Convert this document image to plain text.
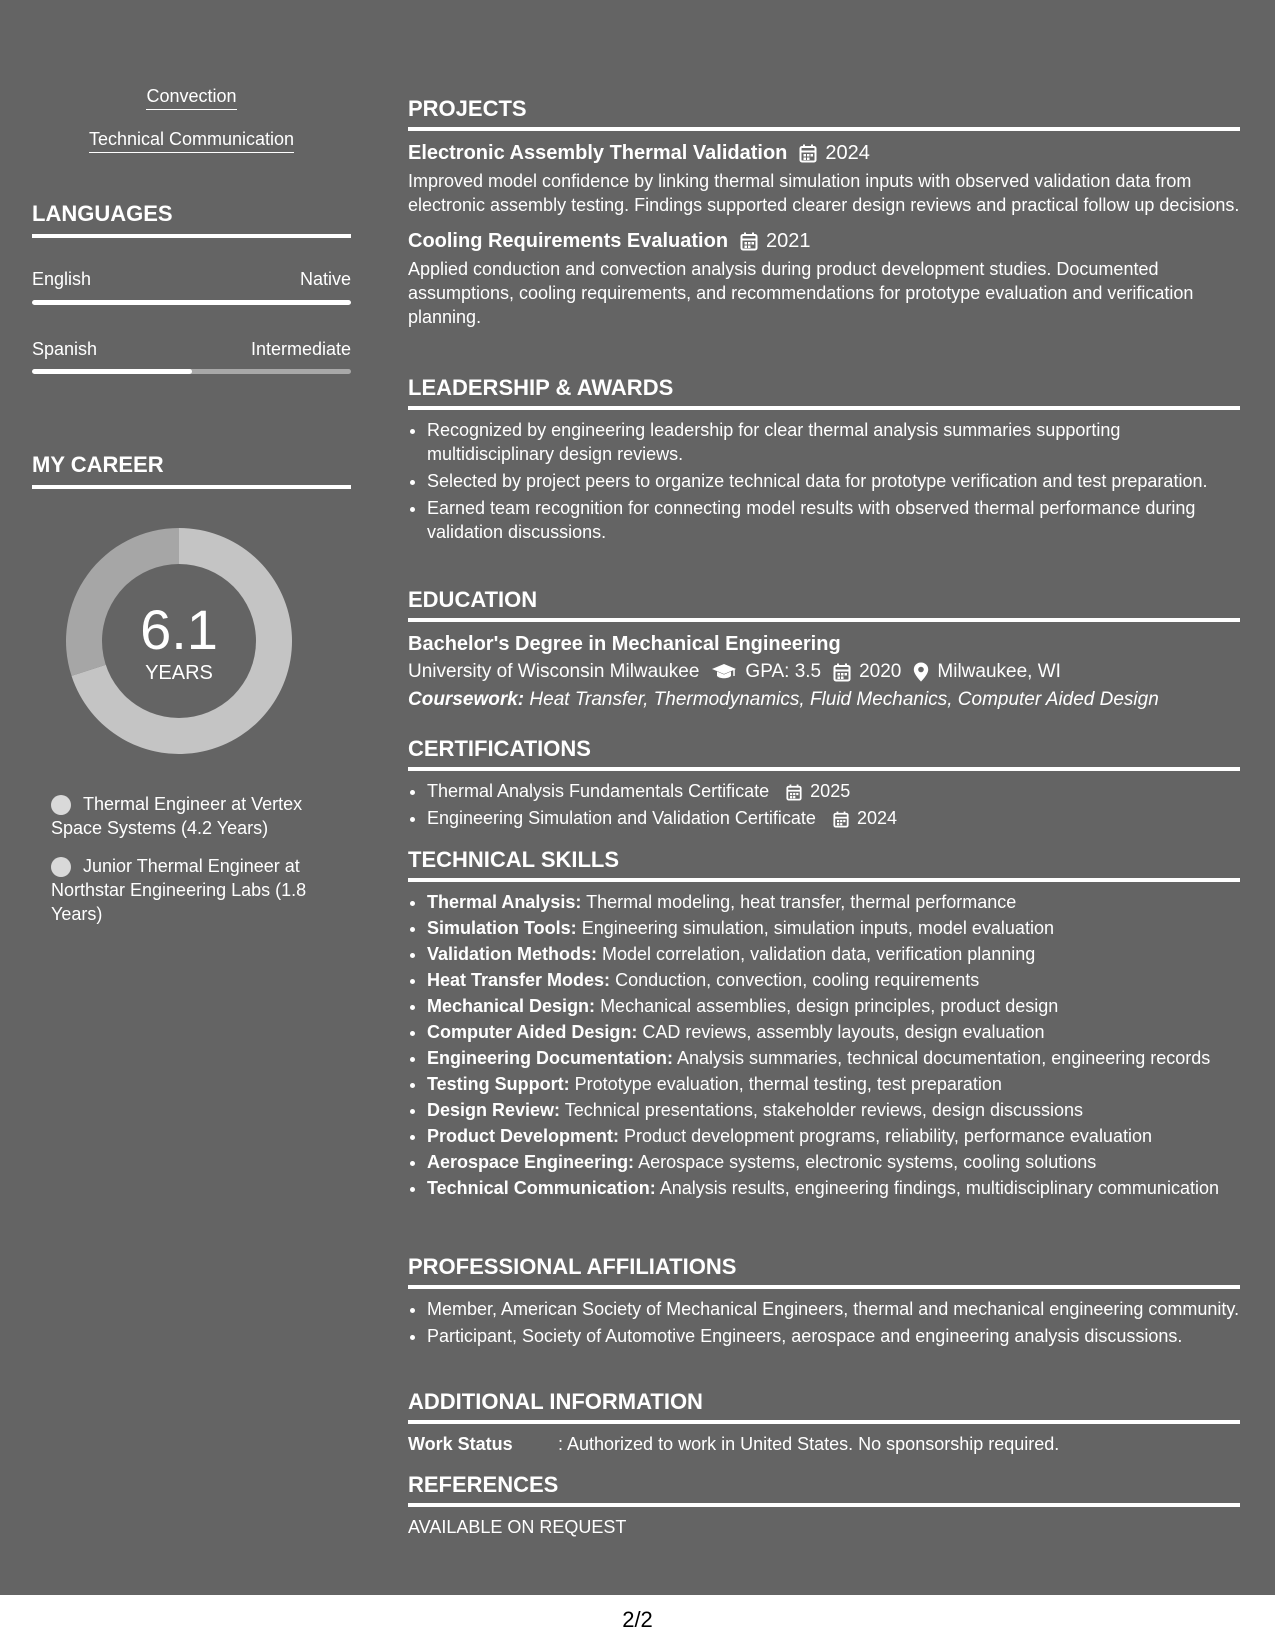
Convection
Technical Communication
LANGUAGES
English	Native
Spanish	Intermediate
MY CAREER
6.1
YEARS
Thermal Engineer at Vertex Space Systems (4.2 Years)
Junior Thermal Engineer at Northstar Engineering Labs (1.8 Years)
PROJECTS
Electronic Assembly Thermal Validation 2024
Improved model confidence by linking thermal simulation inputs with observed validation data from electronic assembly testing. Findings supported clearer design reviews and practical follow up decisions.
Cooling Requirements Evaluation 2021
Applied conduction and convection analysis during product development studies. Documented assumptions, cooling requirements, and recommendations for prototype evaluation and verification planning.
LEADERSHIP & AWARDS
• Recognized by engineering leadership for clear thermal analysis summaries supporting multidisciplinary design reviews.
• Selected by project peers to organize technical data for prototype verification and test preparation.
• Earned team recognition for connecting model results with observed thermal performance during validation discussions.
EDUCATION
Bachelor's Degree in Mechanical Engineering
University of Wisconsin Milwaukee GPA: 3.5 2020 Milwaukee, WI
Coursework: Heat Transfer, Thermodynamics, Fluid Mechanics, Computer Aided Design
CERTIFICATIONS
• Thermal Analysis Fundamentals Certificate 2025
• Engineering Simulation and Validation Certificate 2024
TECHNICAL SKILLS
• Thermal Analysis: Thermal modeling, heat transfer, thermal performance
• Simulation Tools: Engineering simulation, simulation inputs, model evaluation
• Validation Methods: Model correlation, validation data, verification planning
• Heat Transfer Modes: Conduction, convection, cooling requirements
• Mechanical Design: Mechanical assemblies, design principles, product design
• Computer Aided Design: CAD reviews, assembly layouts, design evaluation
• Engineering Documentation: Analysis summaries, technical documentation, engineering records
• Testing Support: Prototype evaluation, thermal testing, test preparation
• Design Review: Technical presentations, stakeholder reviews, design discussions
• Product Development: Product development programs, reliability, performance evaluation
• Aerospace Engineering: Aerospace systems, electronic systems, cooling solutions
• Technical Communication: Analysis results, engineering findings, multidisciplinary communication
PROFESSIONAL AFFILIATIONS
• Member, American Society of Mechanical Engineers, thermal and mechanical engineering community.
• Participant, Society of Automotive Engineers, aerospace and engineering analysis discussions.
ADDITIONAL INFORMATION
Work Status	: Authorized to work in United States. No sponsorship required.
REFERENCES
AVAILABLE ON REQUEST
2/2
